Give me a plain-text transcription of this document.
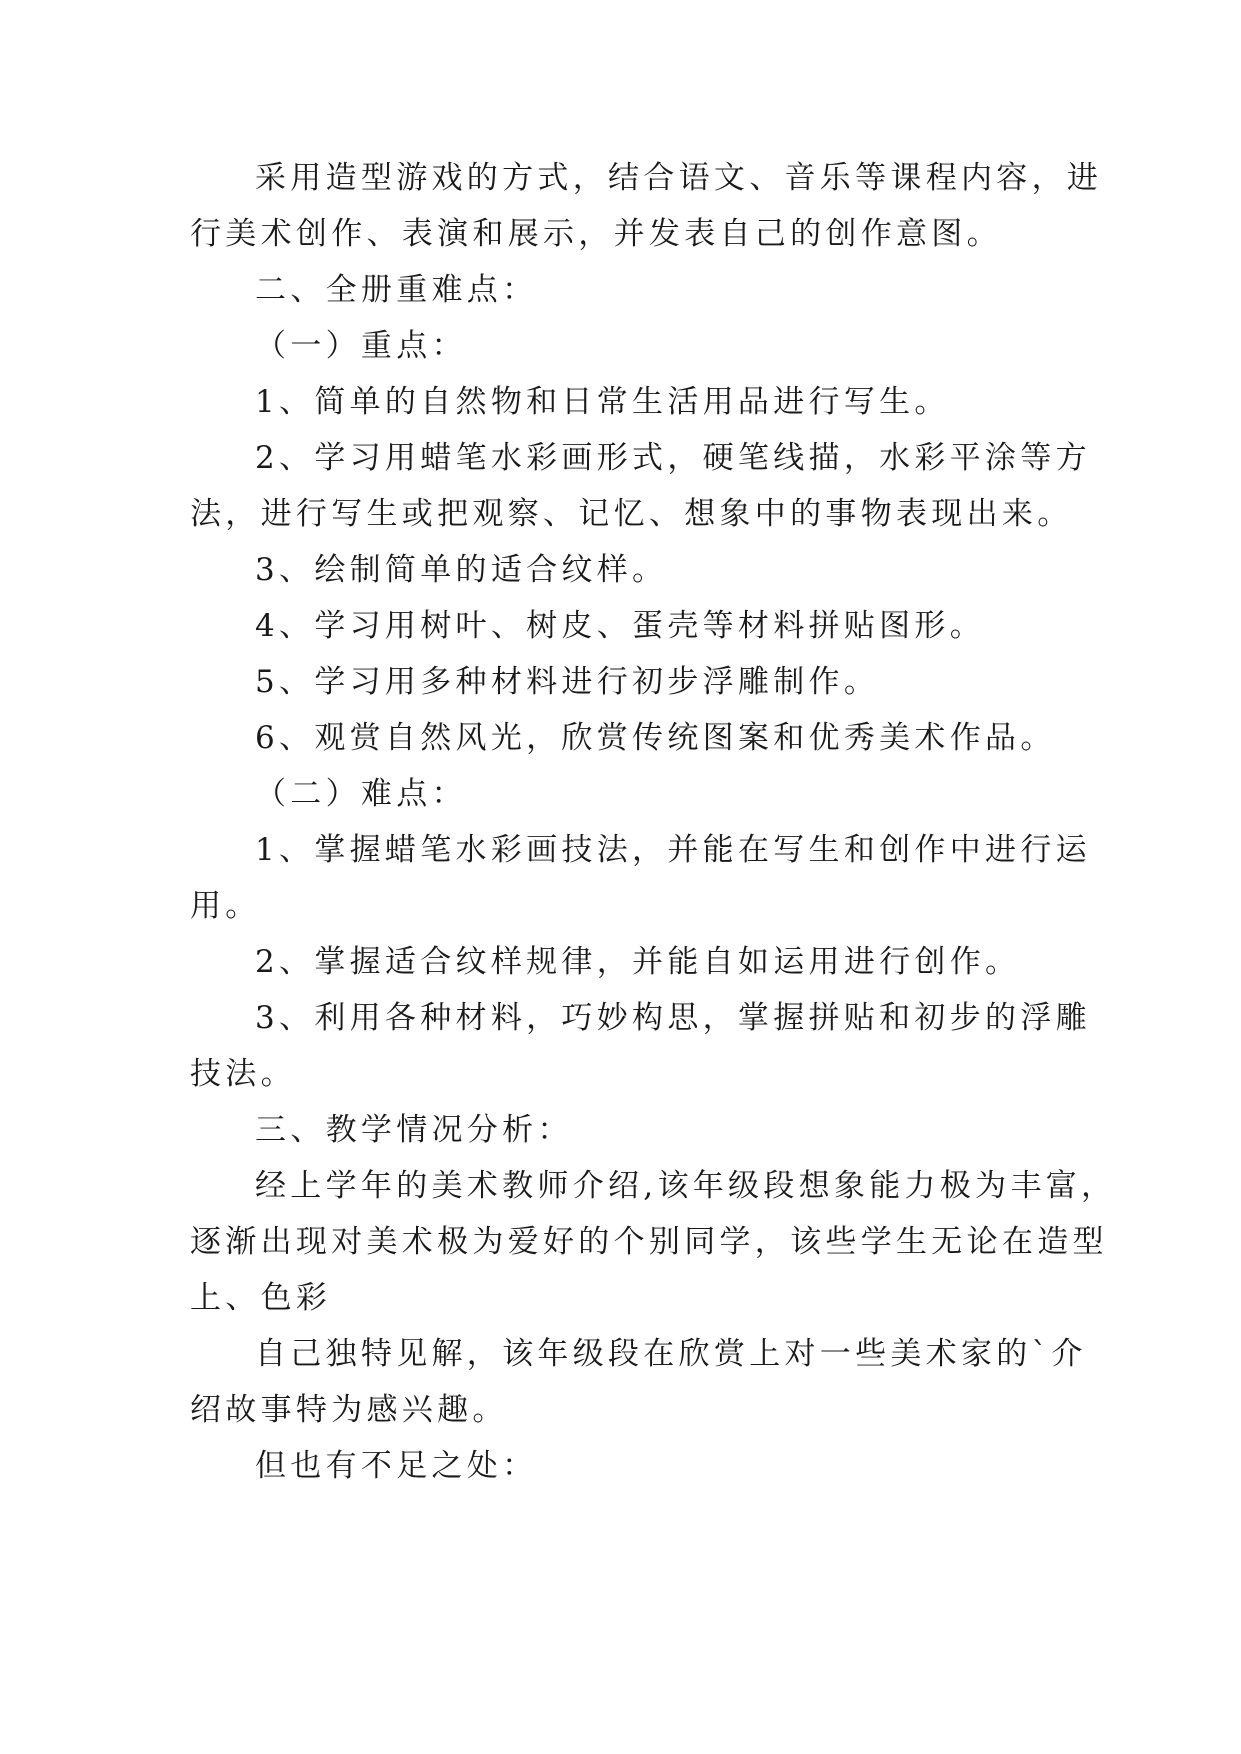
采用造型游戏的方式，结合语文、音乐等课程内容，进
行美术创作、表演和展示，并发表自己的创作意图。
二、全册重难点：
（一）重点：
1、简单的自然物和日常生活用品进行写生。
2、学习用蜡笔水彩画形式，硬笔线描，水彩平涂等方
法，进行写生或把观察、记忆、想象中的事物表现出来。
3、绘制简单的适合纹样。
4、学习用树叶、树皮、蛋壳等材料拼贴图形。
5、学习用多种材料进行初步浮雕制作。
6、观赏自然风光，欣赏传统图案和优秀美术作品。
（二）难点：
1、掌握蜡笔水彩画技法，并能在写生和创作中进行运
用。
2、掌握适合纹样规律，并能自如运用进行创作。
3、利用各种材料，巧妙构思，掌握拼贴和初步的浮雕
技法。
三、教学情况分析：
经上学年的美术教师介绍,该年级段想象能力极为丰富，
逐渐出现对美术极为爱好的个别同学，该些学生无论在造型
上、色彩
自己独特见解，该年级段在欣赏上对一些美术家的`介
绍故事特为感兴趣。
但也有不足之处：
